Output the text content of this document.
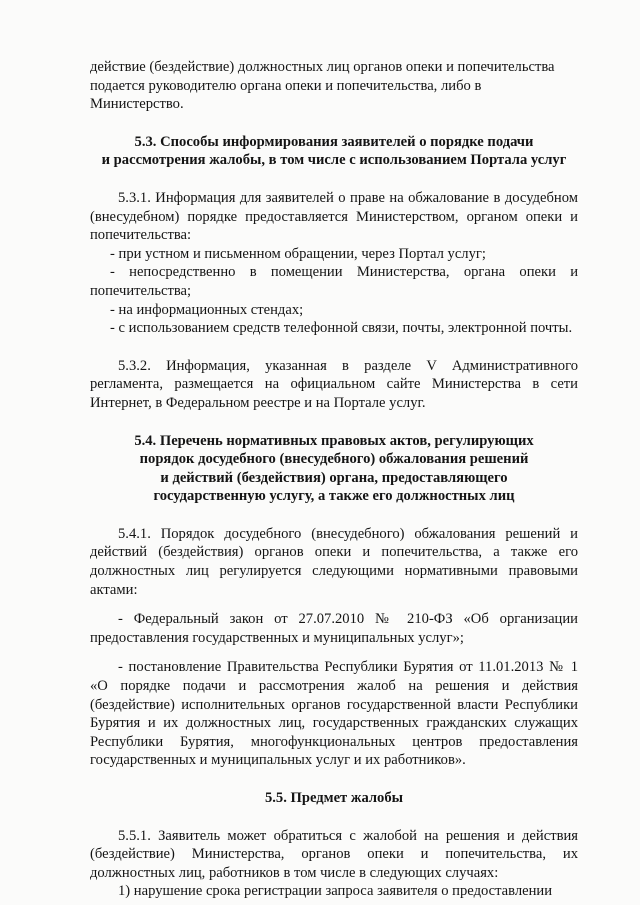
действие (бездействие) должностных лиц органов опеки и попечительства

подается руководителю органа опеки и попечительства, либо в Министерство.

5.3. Способы информирования заявителей о порядке подачи

и рассмотрения жалобы, в том числе с использованием Портала услуг

5.3.1. Информация для заявителей о праве на обжалование в досудебном (внесудебном) порядке предоставляется Министерством, органом опеки и попечительства:

- при устном и письменном обращении, через Портал услуг;

- непосредственно в помещении Министерства, органа опеки и попечительства;

- на информационных стендах;

- с использованием средств телефонной связи, почты, электронной почты.

5.3.2. Информация, указанная в разделе V Административного регламента, размещается на официальном сайте Министерства в сети Интернет, в Федеральном реестре и на Портале услуг.

5.4. Перечень нормативных правовых актов, регулирующих

порядок досудебного (внесудебного) обжалования решений

и действий (бездействия) органа, предоставляющего

государственную услугу, а также его должностных лиц

5.4.1. Порядок досудебного (внесудебного) обжалования решений и действий (бездействия) органов опеки и попечительства, а также его должностных лиц регулируется следующими нормативными правовыми актами:

- Федеральный закон от 27.07.2010 № 210-ФЗ «Об организации предоставления государственных и муниципальных услуг»;

- постановление Правительства Республики Бурятия от 11.01.2013 № 1 «О порядке подачи и рассмотрения жалоб на решения и действия (бездействие) исполнительных органов государственной власти Республики Бурятия и их должностных лиц, государственных гражданских служащих Республики Бурятия, многофункциональных центров предоставления государственных и муниципальных услуг и их работников».

5.5. Предмет жалобы

5.5.1. Заявитель может обратиться с жалобой на решения и действия (бездействие) Министерства, органов опеки и попечительства, их должностных лиц, работников в том числе в следующих случаях:

1) нарушение срока регистрации запроса заявителя о предоставлении
